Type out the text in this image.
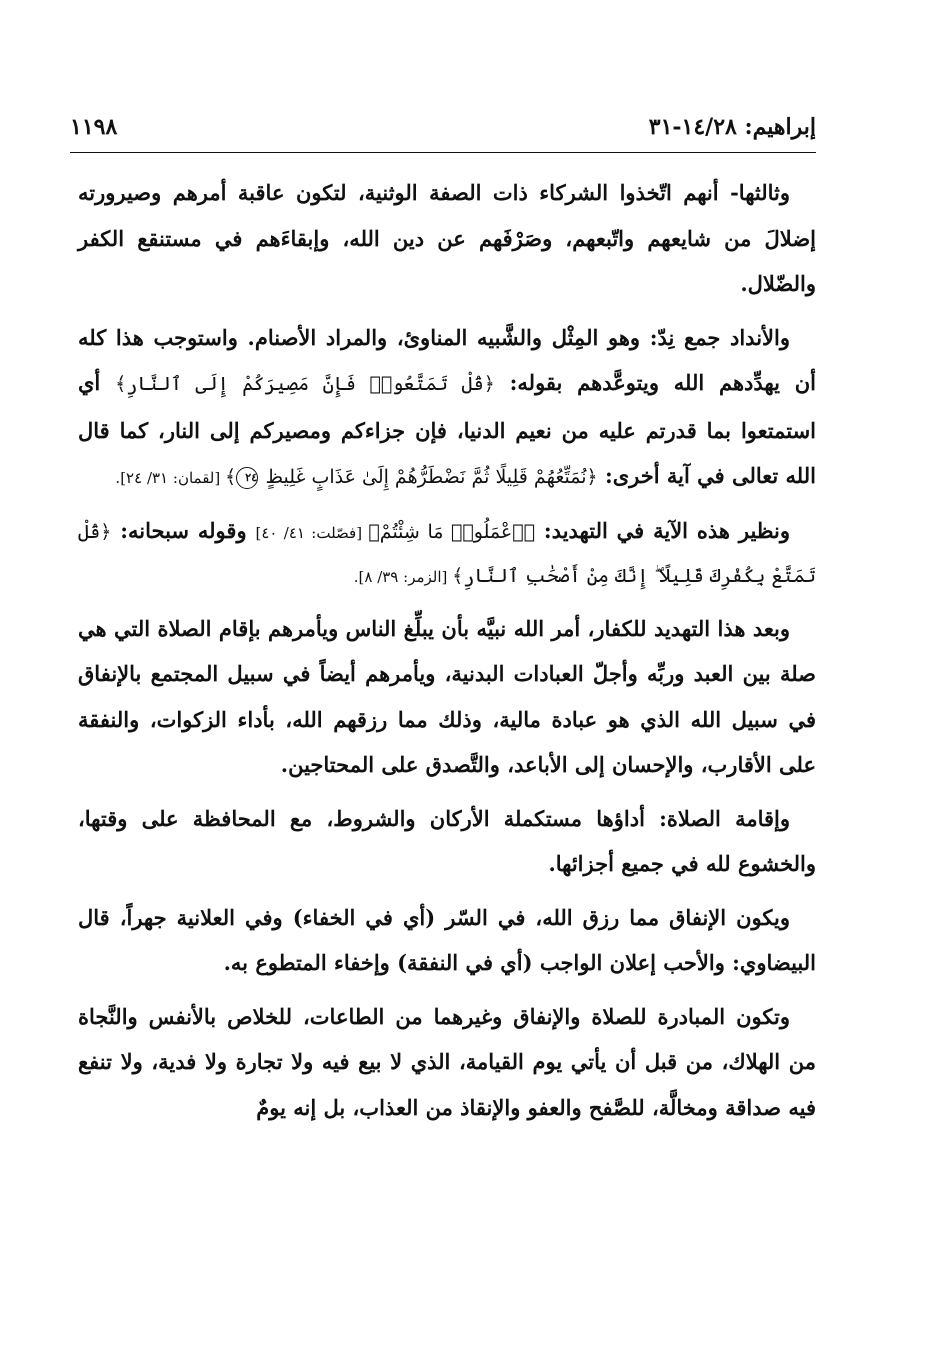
إبراهيم: ١٤/٢٨-٣١
١١٩٨

وثالثها- أنهم اتّخذوا الشركاء ذات الصفة الوثنية، لتكون عاقبة أمرهم وصيرورته إضلالَ من شايعهم واتّبعهم، وصَرْفَهم عن دين الله، وإبقاءَهم في مستنقع الكفر والضّلال.

والأنداد جمع نِدّ: وهو المِثْل والشَّبيه المناوئ، والمراد الأصنام. واستوجب هذا كله أن يهدِّدهم الله ويتوعَّدهم بقوله: ﴿قُلْ تَمَتَّعُوا۟ فَإِنَّ مَصِيرَكُمْ إِلَى ٱلنَّارِ﴾ أي استمتعوا بما قدرتم عليه من نعيم الدنيا، فإن جزاءكم ومصيركم إلى النار، كما قال الله تعالى في آية أخرى: ﴿نُمَتِّعُهُمْ قَلِيلًا ثُمَّ نَضْطَرُّهُمْ إِلَىٰ عَذَابٍ غَلِيظٍ ٢٤﴾ [لقمان: ٣١/ ٢٤].

ونظير هذه الآية في التهديد: ﴿ٱعْمَلُوا۟ مَا شِئْتُمْ﴾ [فصّلت: ٤١/ ٤٠] وقوله سبحانه: ﴿قُلْ تَمَتَّعْ بِكُفْرِكَ قَلِيلًا ۖ إِنَّكَ مِنْ أَصْحَٰبِ ٱلنَّارِ﴾ [الزمر: ٣٩/ ٨].

وبعد هذا التهديد للكفار، أمر الله نبيَّه بأن يبلِّغ الناس ويأمرهم بإقام الصلاة التي هي صلة بين العبد وربِّه وأجلّ العبادات البدنية، ويأمرهم أيضاً في سبيل المجتمع بالإنفاق في سبيل الله الذي هو عبادة مالية، وذلك مما رزقهم الله، بأداء الزكوات، والنفقة على الأقارب، والإحسان إلى الأباعد، والتَّصدق على المحتاجين.

وإقامة الصلاة: أداؤها مستكملة الأركان والشروط، مع المحافظة على وقتها، والخشوع لله في جميع أجزائها.

ويكون الإنفاق مما رزق الله، في السّر (أي في الخفاء) وفي العلانية جهراً، قال البيضاوي: والأحب إعلان الواجب (أي في النفقة) وإخفاء المتطوع به.

وتكون المبادرة للصلاة والإنفاق وغيرهما من الطاعات، للخلاص بالأنفس والنَّجاة من الهلاك، من قبل أن يأتي يوم القيامة، الذي لا بيع فيه ولا تجارة ولا فدية، ولا تنفع فيه صداقة ومخالَّة، للصَّفح والعفو والإنقاذ من العذاب، بل إنه يومٌ
